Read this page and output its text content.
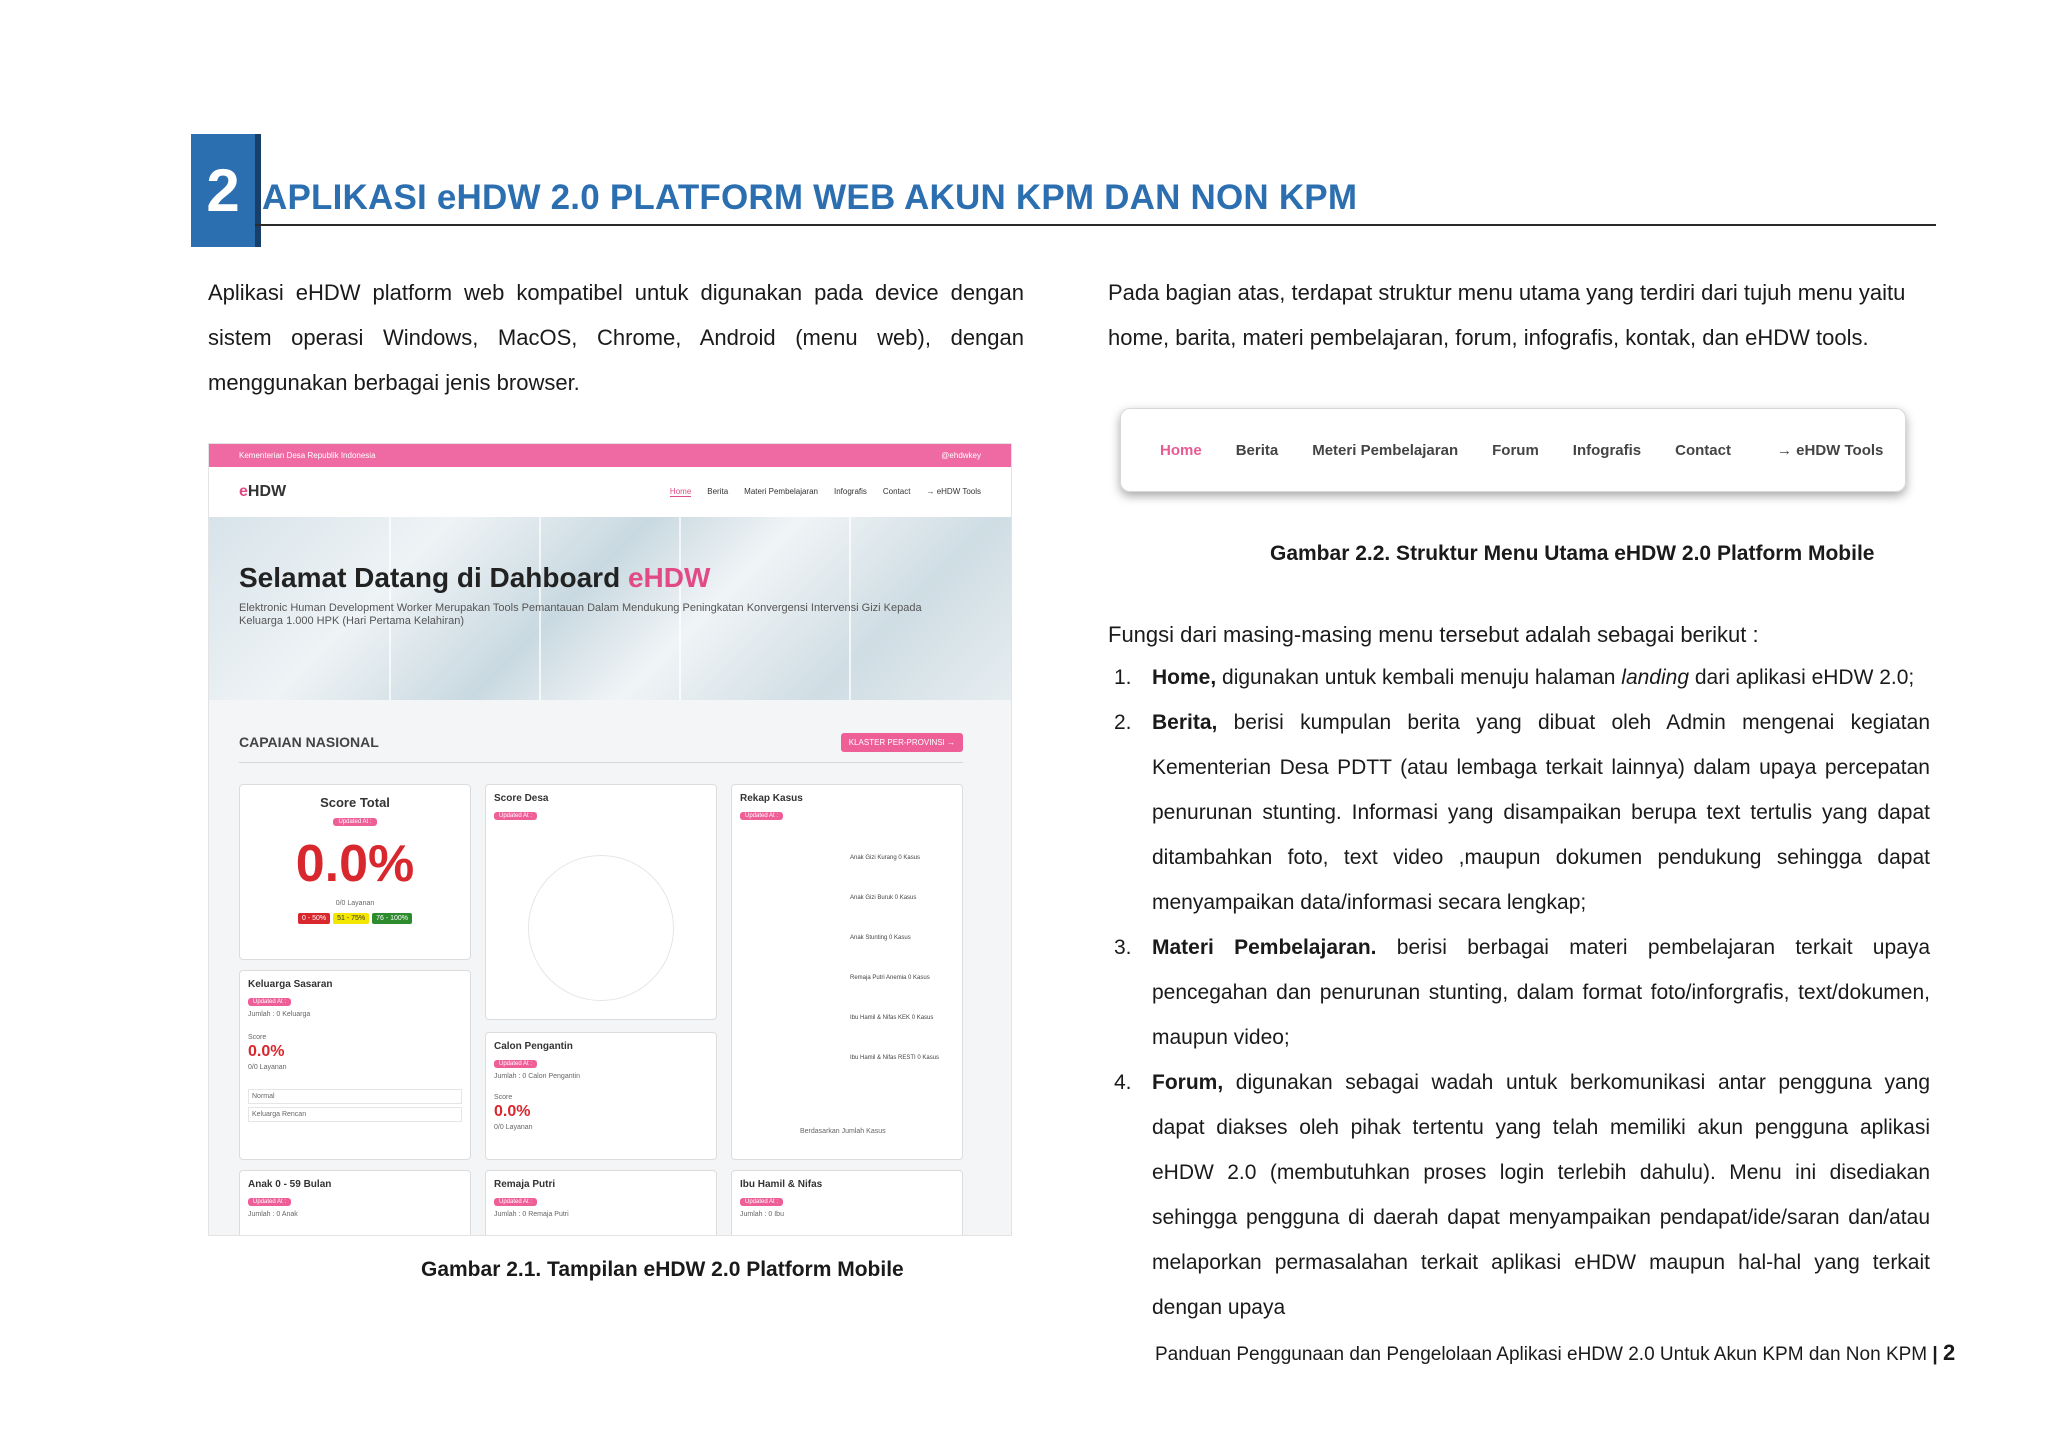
2 APLIKASI eHDW 2.0 PLATFORM WEB AKUN KPM DAN NON KPM

Aplikasi eHDW platform web kompatibel untuk digunakan pada device dengan sistem operasi Windows, MacOS, Chrome, Android (menu web), dengan menggunakan berbagai jenis browser.

Kementerian Desa Republik Indonesia	@ehdwkey
eHDW	Home Berita Materi Pembelajaran Infografis Contact → eHDW Tools
Selamat Datang di Dahboard eHDW

Elektronic Human Development Worker Merupakan Tools Pemantauan Dalam Mendukung Peningkatan Konvergensi Intervensi Gizi Kepada Keluarga 1.000 HPK (Hari Pertama Kelahiran)

CAPAIAN NASIONAL	KLASTER PER-PROVINSI →
Score Total
Updated At :
0.0%
0/0 Layanan
0 - 50%	51 - 75%	76 - 100%
Score Desa
Updated At :
Rekap Kasus
Updated At :
Anak Gizi Kurang 0 Kasus
Anak Gizi Buruk 0 Kasus
Anak Stunting 0 Kasus
Remaja Putri Anemia 0 Kasus
Ibu Hamil & Nifas KEK 0 Kasus
Ibu Hamil & Nifas RESTI 0 Kasus
Berdasarkan Jumlah Kasus
Keluarga Sasaran
Updated At :
Jumlah : 0 Keluarga
Score
0.0%
0/0 Layanan
Normal
Keluarga Rencan
Calon Pengantin
Updated At :
Jumlah : 0 Calon Pengantin
Score
0.0%
0/0 Layanan
Anak 0 - 59 Bulan
Updated At :
Jumlah : 0 Anak
Remaja Putri
Updated At :
Jumlah : 0 Remaja Putri
Ibu Hamil & Nifas
Updated At :
Jumlah : 0 Ibu
Gambar 2.1. Tampilan eHDW 2.0 Platform Mobile

Pada bagian atas, terdapat struktur menu utama yang terdiri dari tujuh menu yaitu home, barita, materi pembelajaran, forum, infografis, kontak, dan eHDW tools.

Home Berita Meteri Pembelajaran Forum Infografis Contact	→ eHDW Tools
Gambar 2.2. Struktur Menu Utama eHDW 2.0 Platform Mobile

Fungsi dari masing-masing menu tersebut adalah sebagai berikut :

1. Home, digunakan untuk kembali menuju halaman landing dari aplikasi eHDW 2.0;
2. Berita, berisi kumpulan berita yang dibuat oleh Admin mengenai kegiatan Kementerian Desa PDTT (atau lembaga terkait lainnya) dalam upaya percepatan penurunan stunting. Informasi yang disampaikan berupa text tertulis yang dapat ditambahkan foto, text video ,maupun dokumen pendukung sehingga dapat menyampaikan data/informasi secara lengkap;
3. Materi Pembelajaran. berisi berbagai materi pembelajaran terkait upaya pencegahan dan penurunan stunting, dalam format foto/inforgrafis, text/dokumen, maupun video;
4. Forum, digunakan sebagai wadah untuk berkomunikasi antar pengguna yang dapat diakses oleh pihak tertentu yang telah memiliki akun pengguna aplikasi eHDW 2.0 (membutuhkan proses login terlebih dahulu). Menu ini disediakan sehingga pengguna di daerah dapat menyampaikan pendapat/ide/saran dan/atau melaporkan permasalahan terkait aplikasi eHDW maupun hal-hal yang terkait dengan upaya
Panduan Penggunaan dan Pengelolaan Aplikasi eHDW 2.0 Untuk Akun KPM dan Non KPM | 2
